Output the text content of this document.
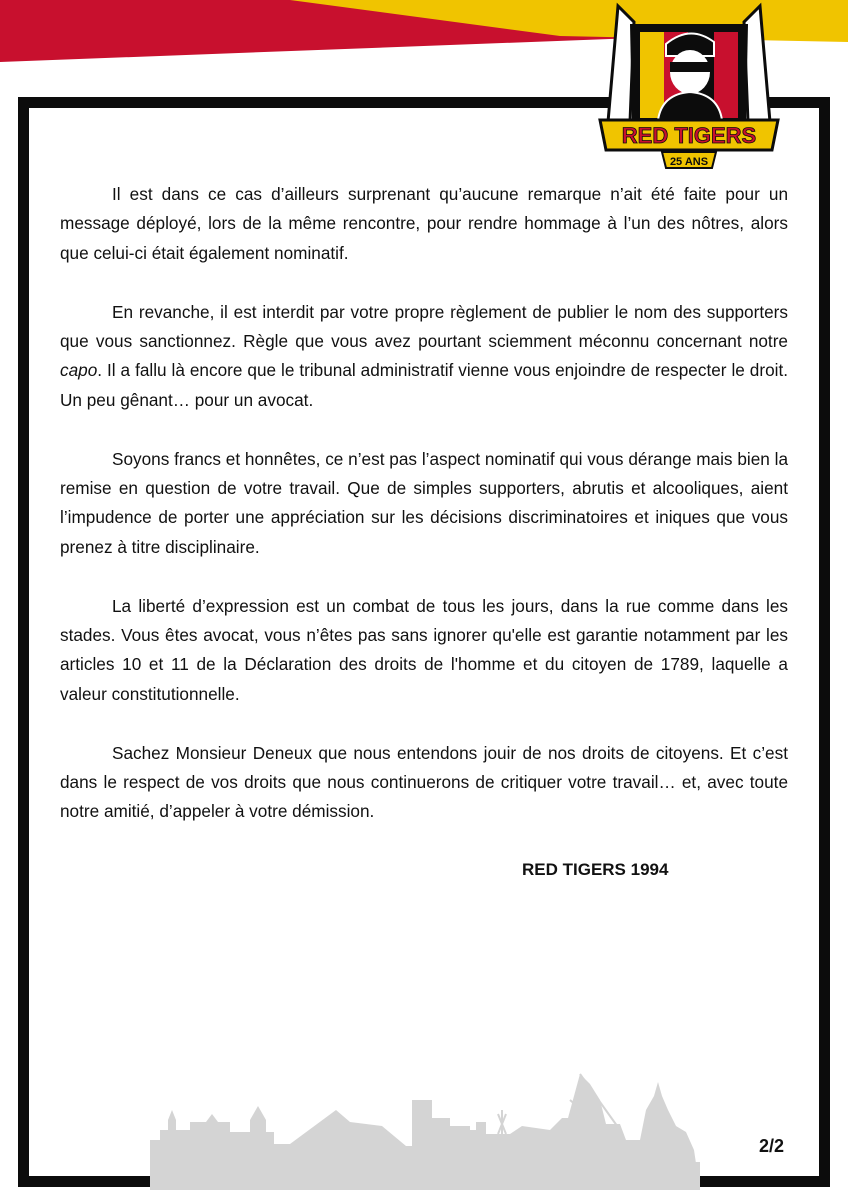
RED TIGERS
25 ANS

Il est dans ce cas d’ailleurs surprenant qu’aucune remarque n’ait été faite pour un message déployé, lors de la même rencontre, pour rendre hommage à l’un des nôtres, alors que celui-ci était également nominatif.

En revanche, il est interdit par votre propre règlement de publier le nom des supporters que vous sanctionnez. Règle que vous avez pourtant sciemment méconnu concernant notre capo. Il a fallu là encore que le tribunal administratif vienne vous enjoindre de respecter le droit. Un peu gênant… pour un avocat.

Soyons francs et honnêtes, ce n’est pas l’aspect nominatif qui vous dérange mais bien la remise en question de votre travail. Que de simples supporters, abrutis et alcooliques, aient l’impudence de porter une appréciation sur les décisions discriminatoires et iniques que vous prenez à titre disciplinaire.

La liberté d’expression est un combat de tous les jours, dans la rue comme dans les stades. Vous êtes avocat, vous n’êtes pas sans ignorer qu'elle est garantie notamment par les articles 10 et 11 de la Déclaration des droits de l'homme et du citoyen de 1789, laquelle a valeur constitutionnelle.

Sachez Monsieur Deneux que nous entendons jouir de nos droits de citoyens. Et c’est dans le respect de vos droits que nous continuerons de critiquer votre travail… et, avec toute notre amitié, d’appeler à votre démission.

RED TIGERS 1994
2/2
